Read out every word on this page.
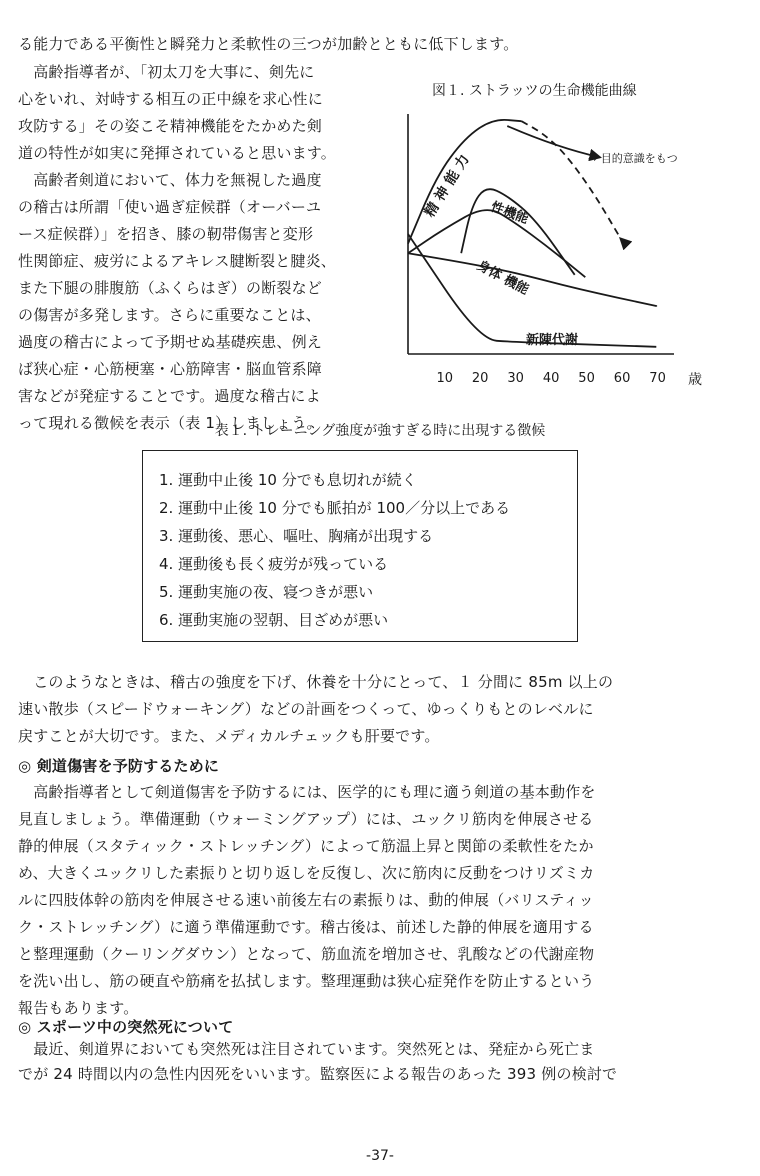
る能力である平衡性と瞬発力と柔軟性の三つが加齢とともに低下します。
　高齢指導者が、「初太刀を大事に、剣先に
心をいれ、対峙する相互の正中線を求心性に
攻防する」その姿こそ精神機能をたかめた剣
道の特性が如実に発揮されていると思います。
　高齢者剣道において、体力を無視した過度
の稽古は所謂「使い過ぎ症候群（オーバーユ
ース症候群）」を招き、膝の靭帯傷害と変形
性関節症、疲労によるアキレス腱断裂と腱炎、
また下腿の腓腹筋（ふくらはぎ）の断裂など
の傷害が多発します。さらに重要なことは、
過度の稽古によって予期せぬ基礎疾患、例え
ば狭心症・心筋梗塞・心筋障害・脳血管系障
害などが発症することです。過度な稽古によ
って現れる徴候を表示（表 1）しましょう。
図１. ストラッツの生命機能曲線
10 20 30 40 50 60 70 歳
精 神 能 力 性機能
身体 機能
新陳代謝
→ 目的意識をもつ
表１. トレーニング強度が強すぎる時に出現する徴候
1. 運動中止後 10 分でも息切れが続く
2. 運動中止後 10 分でも脈拍が 100／分以上である
3. 運動後、悪心、嘔吐、胸痛が出現する
4. 運動後も長く疲労が残っている
5. 運動実施の夜、寝つきが悪い
6. 運動実施の翌朝、目ざめが悪い
　このようなときは、稽古の強度を下げ、休養を十分にとって、１ 分間に 85m 以上の
速い散歩（スピードウォーキング）などの計画をつくって、ゆっくりもとのレベルに
戻すことが大切です。また、メディカルチェックも肝要です。
◎ 剣道傷害を予防するために
　高齢指導者として剣道傷害を予防するには、医学的にも理に適う剣道の基本動作を
見直しましょう。準備運動（ウォーミングアップ）には、ユックリ筋肉を伸展させる
静的伸展（スタティック・ストレッチング）によって筋温上昇と関節の柔軟性をたか
め、大きくユックリした素振りと切り返しを反復し、次に筋肉に反動をつけリズミカ
ルに四肢体幹の筋肉を伸展させる速い前後左右の素振りは、動的伸展（バリスティッ
ク・ストレッチング）に適う準備運動です。稽古後は、前述した静的伸展を適用する
と整理運動（クーリングダウン）となって、筋血流を増加させ、乳酸などの代謝産物
を洗い出し、筋の硬直や筋痛を払拭します。整理運動は狭心症発作を防止するという
報告もあります。
◎ スポーツ中の突然死について
　最近、剣道界においても突然死は注目されています。突然死とは、発症から死亡ま
でが 24 時間以内の急性内因死をいいます。監察医による報告のあった 393 例の検討で
-37-
